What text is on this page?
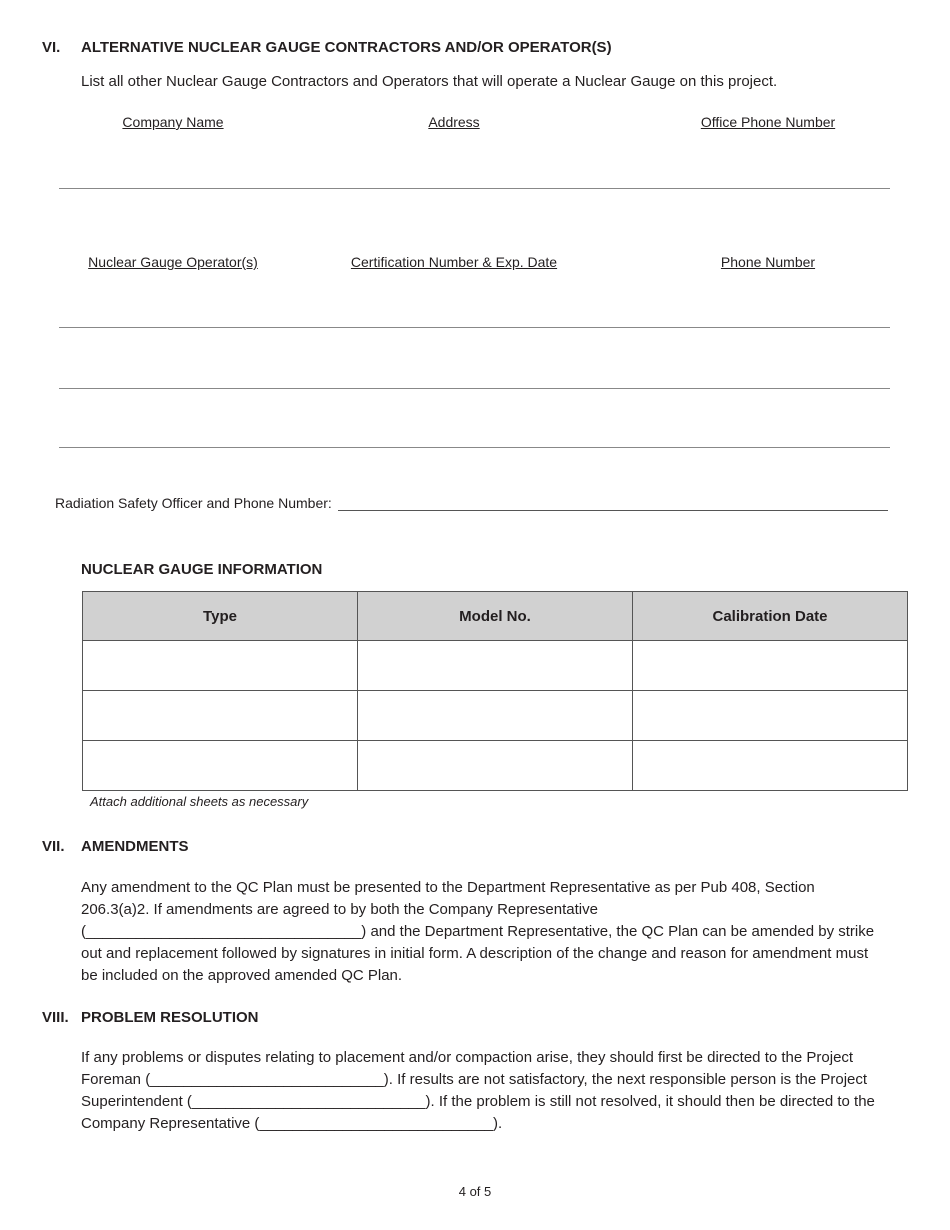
VI. ALTERNATIVE NUCLEAR GAUGE CONTRACTORS AND/OR OPERATOR(S)
List all other Nuclear Gauge Contractors and Operators that will operate a Nuclear Gauge on this project.
Company Name	Address	Office Phone Number
Nuclear Gauge Operator(s)	Certification Number & Exp. Date	Phone Number
Radiation Safety Officer and Phone Number:
NUCLEAR GAUGE INFORMATION
Type	Model No.	Calibration Date

Attach additional sheets as necessary
VII. AMENDMENTS
Any amendment to the QC Plan must be presented to the Department Representative as per Pub 408, Section
206.3(a)2. If amendments are agreed to by both the Company Representative
(_________________________________) and the Department Representative, the QC Plan can be amended by strike
out and replacement followed by signatures in initial form. A description of the change and reason for amendment must
be included on the approved amended QC Plan.
VIII. PROBLEM RESOLUTION
If any problems or disputes relating to placement and/or compaction arise, they should first be directed to the Project
Foreman (____________________________). If results are not satisfactory, the next responsible person is the Project
Superintendent (____________________________). If the problem is still not resolved, it should then be directed to the
Company Representative (____________________________).
4 of 5
